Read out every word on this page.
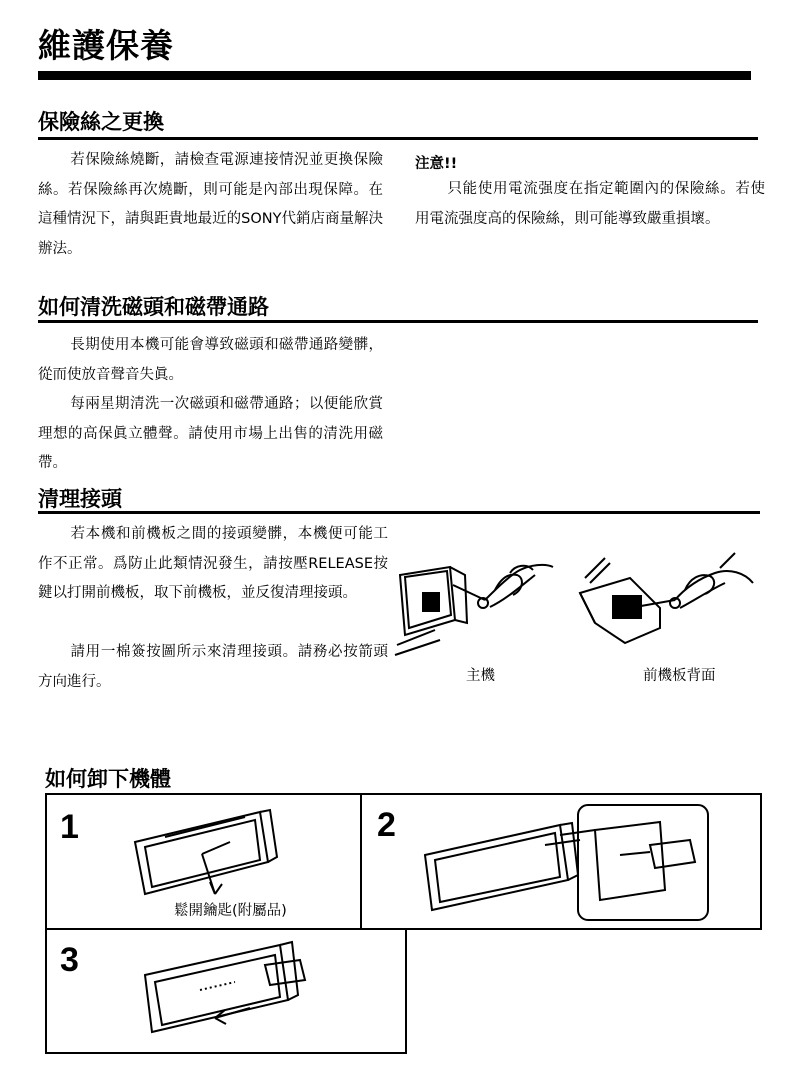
維護保養
保險絲之更換

若保險絲燒斷，請檢查電源連接情況並更換保險絲。若保險絲再次燒斷，則可能是內部出現保障。在這種情況下，請與距貴地最近的SONY代銷店商量解決辦法。

注意!!

只能使用電流强度在指定範圍內的保險絲。若使用電流强度高的保險絲，則可能導致嚴重損壞。

如何清洗磁頭和磁帶通路

長期使用本機可能會導致磁頭和磁帶通路變髒，從而使放音聲音失眞。

每兩星期清洗一次磁頭和磁帶通路；以便能欣賞理想的高保眞立體聲。請使用市場上出售的清洗用磁帶。

清理接頭

若本機和前機板之間的接頭變髒，本機便可能工作不正常。爲防止此類情況發生，請按壓RELEASE按鍵以打開前機板，取下前機板，並反復清理接頭。

請用一棉簽按圖所示來清理接頭。請務必按箭頭方向進行。	主機	前機板背面
如何卸下機體
1
鬆開鑰匙(附屬品)
2
3
